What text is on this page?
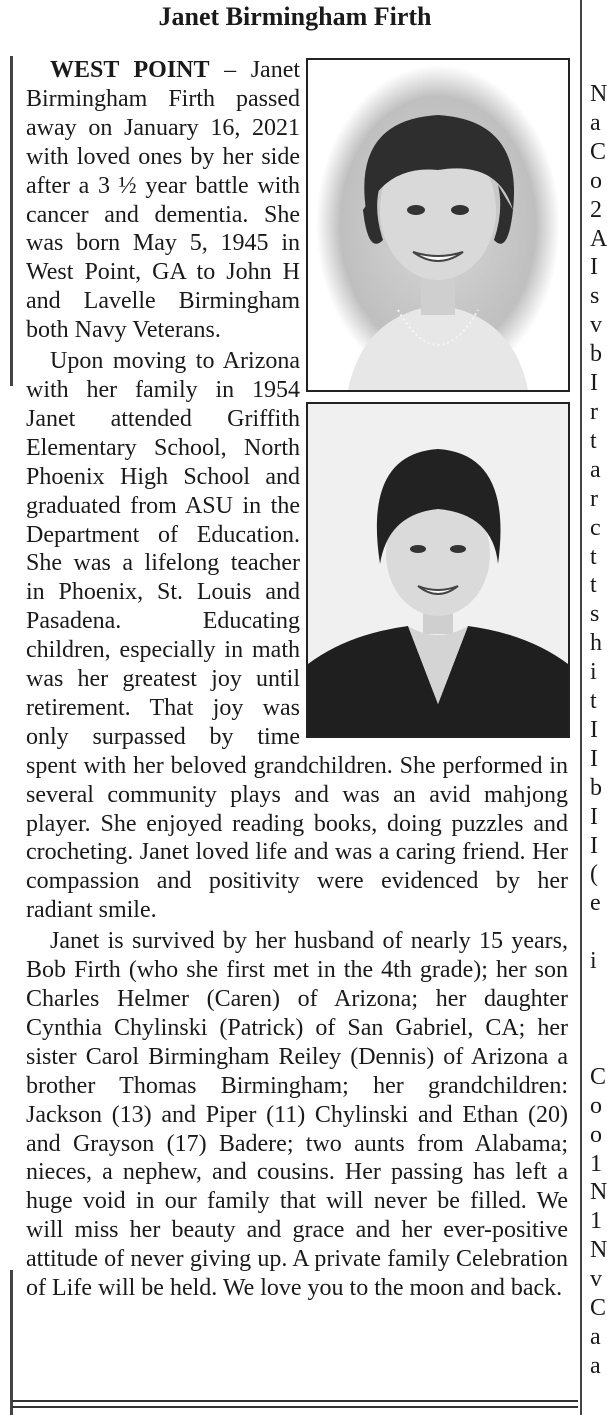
N
a
C
o
2
A
I
s
v
b
I
r
t
a
r
c
t
t
s
h
i
t
I
I
b
I
I
(
e

i

C
o
o
1
N
1
N
v
C
a
a
Janet Birmingham Firth

WEST POINT – Janet Birmingham Firth passed away on January 16, 2021 with loved ones by her side after a 3 ½ year battle with cancer and dementia. She was born May 5, 1945 in West Point, GA to John H and Lavelle Birmingham both Navy Veterans.

Upon moving to Arizona with her family in 1954 Janet attended Griffith Elementary School, North Phoenix High School and graduated from ASU in the Department of Education. She was a lifelong teacher in Phoenix, St. Louis and Pasadena. Educating children, especially in math was her greatest joy until retirement. That joy was only surpassed by time spent with her beloved grandchildren. She performed in several community plays and was an avid mahjong player. She enjoyed reading books, doing puzzles and crocheting. Janet loved life and was a caring friend. Her compassion and positivity were evidenced by her radiant smile.

Janet is survived by her husband of nearly 15 years, Bob Firth (who she first met in the 4th grade); her son Charles Helmer (Caren) of Arizona; her daughter Cynthia Chylinski (Patrick) of San Gabriel, CA; her sister Carol Birmingham Reiley (Dennis) of Arizona a brother Thomas Birmingham; her grandchildren: Jackson (13) and Piper (11) Chylinski and Ethan (20) and Grayson (17) Badere; two aunts from Alabama; nieces, a nephew, and cousins. Her passing has left a huge void in our family that will never be filled. We will miss her beauty and grace and her ever-positive attitude of never giving up. A private family Celebration of Life will be held. We love you to the moon and back.
